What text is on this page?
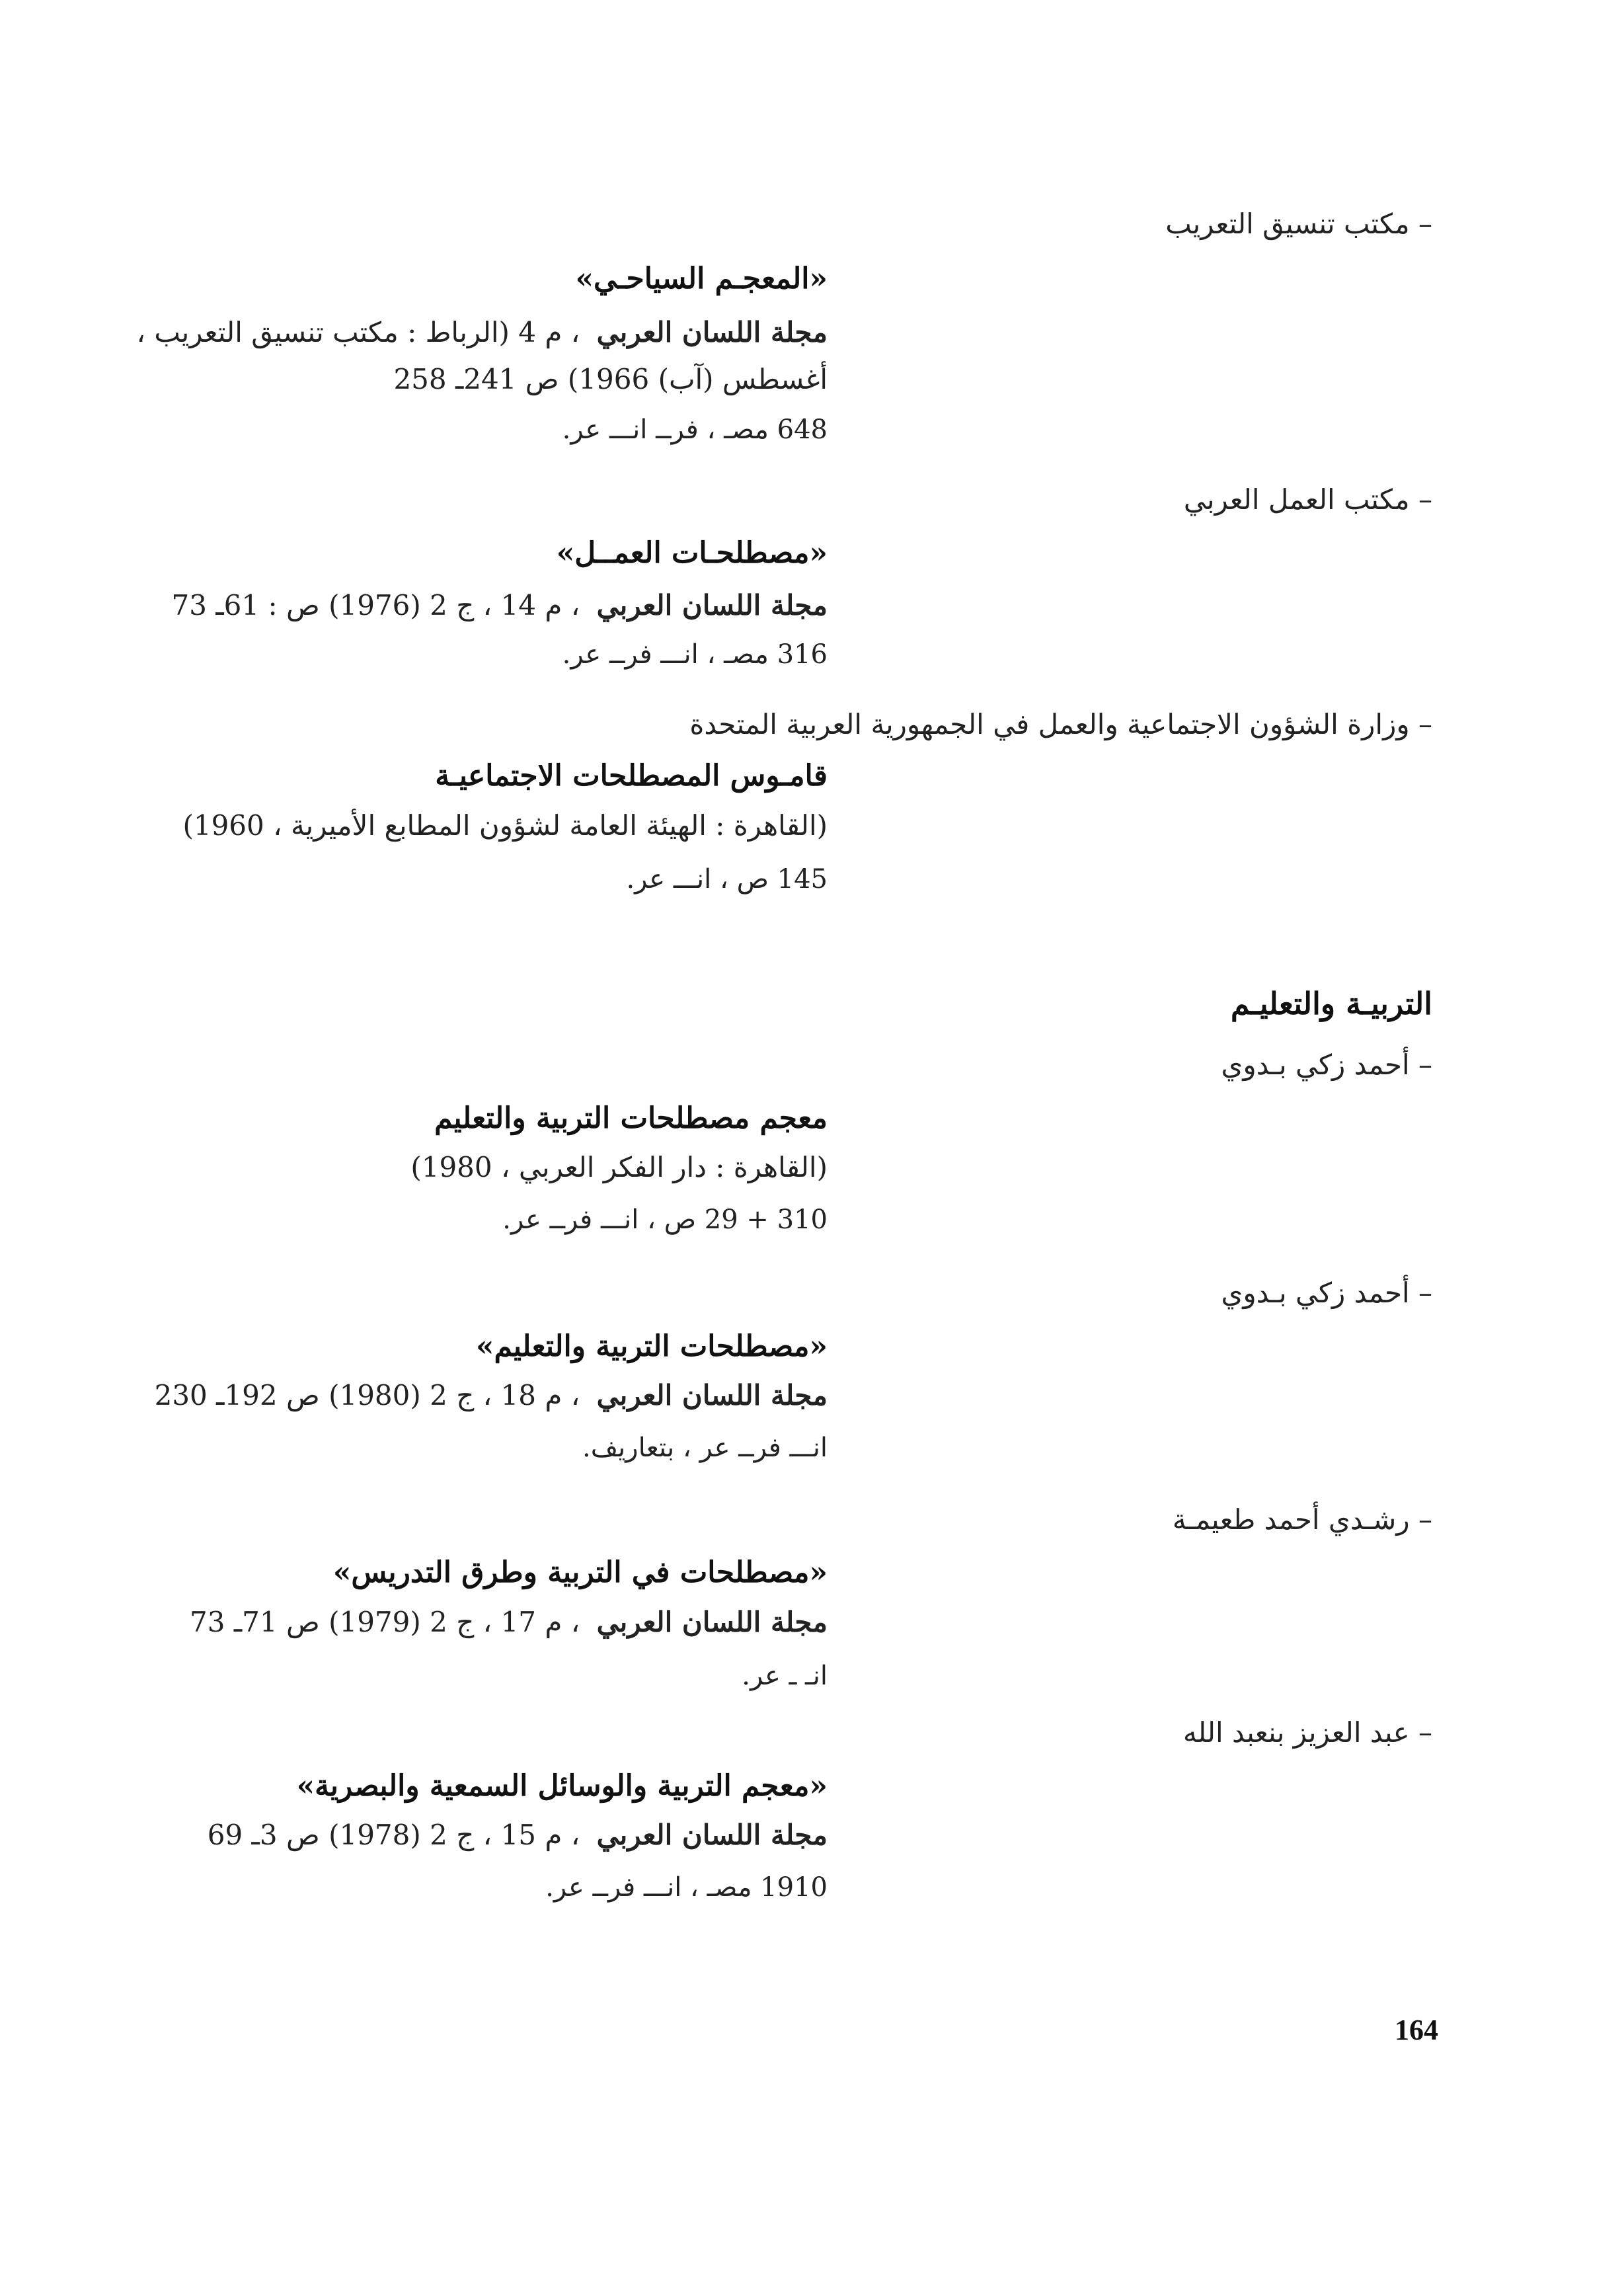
– مكتب تنسيق التعريب
«المعجـم السياحـي»
مجلة اللسان العربي ، م 4 (الرباط : مكتب تنسيق التعريب ،
أغسطس (آب) 1966) ص 241ـ 258
648 مصـ ، فرــ انـــ عر.
– مكتب العمل العربي
«مصطلحـات العمــل»
مجلة اللسان العربي ، م 14 ، ج 2 (1976) ص : 61ـ 73
316 مصـ ، انـــ فرــ عر.
– وزارة الشؤون الاجتماعية والعمل في الجمهورية العربية المتحدة
قامـوس المصطلحات الاجتماعيـة
(القاهرة : الهيئة العامة لشؤون المطابع الأميرية ، 1960)
145 ص ، انـــ عر.
التربيـة والتعليـم
– أحمد زكي بـدوي
معجم مصطلحات التربية والتعليم
(القاهرة : دار الفكر العربي ، 1980)
310 + 29 ص ، انـــ فرــ عر.
– أحمد زكي بـدوي
«مصطلحات التربية والتعليم»
مجلة اللسان العربي ، م 18 ، ج 2 (1980) ص 192ـ 230
انـــ فرــ عر ، بتعاريف.
– رشـدي أحمد طعيمـة
«مصطلحات في التربية وطرق التدريس»
مجلة اللسان العربي ، م 17 ، ج 2 (1979) ص 71ـ 73
انـ ـ عر.
– عبد العزيز بنعبد الله
«معجم التربية والوسائل السمعية والبصرية»
مجلة اللسان العربي ، م 15 ، ج 2 (1978) ص 3ـ 69
1910 مصـ ، انـــ فرــ عر.
164
